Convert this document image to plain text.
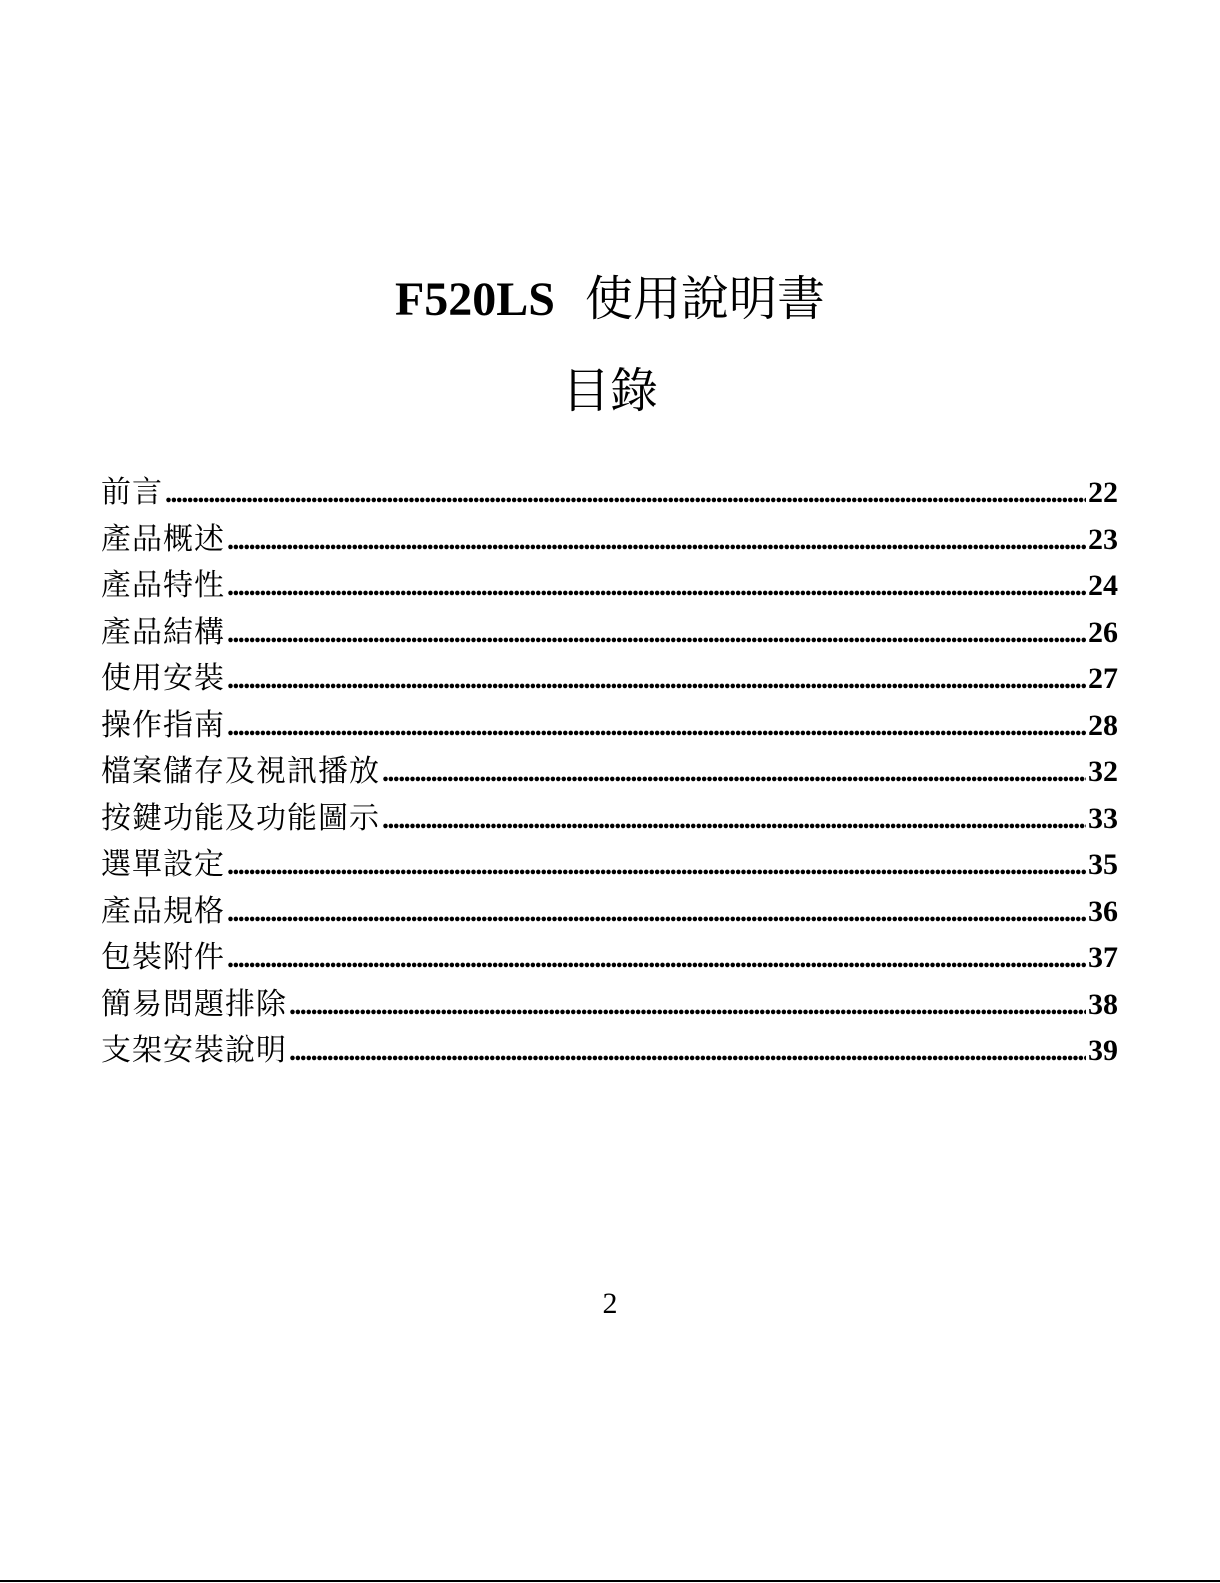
F520LS 使用說明書
目錄
前言 .....	22
產品概述 .....	23
產品特性 .....	24
產品結構 .....	26
使用安裝 .....	27
操作指南 .....	28
檔案儲存及視訊播放 .....	32
按鍵功能及功能圖示 .....	33
選單設定 .....	35
產品規格 .....	36
包裝附件 .....	37
簡易問題排除 .....	38
支架安裝說明 .....	39
2
